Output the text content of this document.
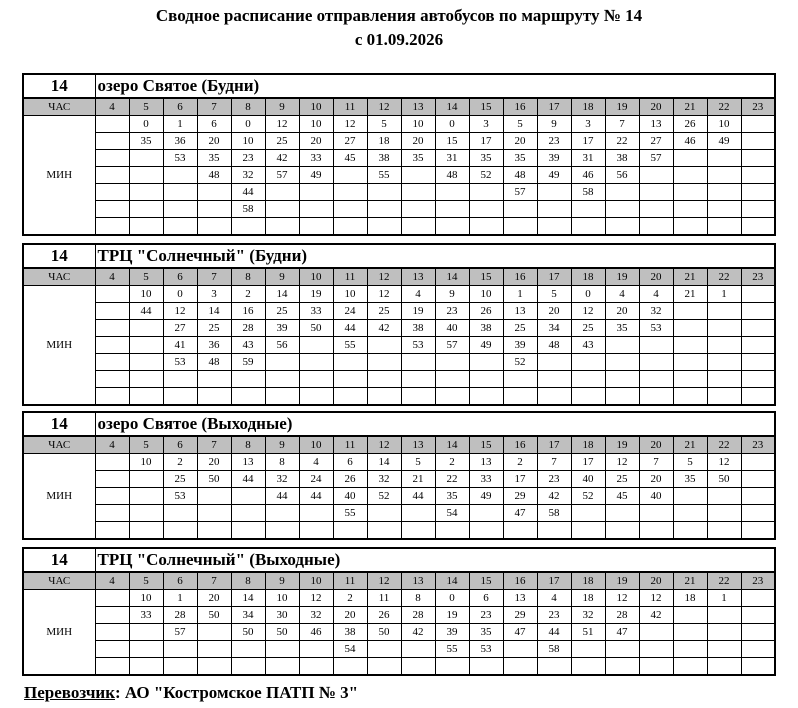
Сводное расписание отправления автобусов по маршруту № 14
с 01.09.2026
14	озеро Святое (Будни)																			
ЧАС	4	5	6	7	8	9	10	11	12	13	14	15	16	17	18	19	20	21	22	23
МИН		0	1	6	0	12	10	12	5	10	0	3	5	9	3	7	13	26	10	
		35	36	20	10	25	20	27	18	20	15	17	20	23	17	22	27	46	49	
			53	35	23	42	33	45	38	35	31	35	35	39	31	38	57			
				48	32	57	49		55		48	52	48	49	46	56				
					44								57		58					
					58															

14	ТРЦ "Солнечный" (Будни)																			
ЧАС	4	5	6	7	8	9	10	11	12	13	14	15	16	17	18	19	20	21	22	23
МИН		10	0	3	2	14	19	10	12	4	9	10	1	5	0	4	4	21	1	
		44	12	14	16	25	33	24	25	19	23	26	13	20	12	20	32			
			27	25	28	39	50	44	42	38	40	38	25	34	25	35	53			
			41	36	43	56		55		53	57	49	39	48	43					
			53	48	59								52							

14	озеро Святое (Выходные)																			
ЧАС	4	5	6	7	8	9	10	11	12	13	14	15	16	17	18	19	20	21	22	23
МИН		10	2	20	13	8	4	6	14	5	2	13	2	7	17	12	7	5	12	
			25	50	44	32	24	26	32	21	22	33	17	23	40	25	20	35	50	
			53			44	44	40	52	44	35	49	29	42	52	45	40			
								55			54		47	58						

14	ТРЦ "Солнечный" (Выходные)																			
ЧАС	4	5	6	7	8	9	10	11	12	13	14	15	16	17	18	19	20	21	22	23
МИН		10	1	20	14	10	12	2	11	8	0	6	13	4	18	12	12	18	1	
		33	28	50	34	30	32	20	26	28	19	23	29	23	32	28	42			
			57		50	50	46	38	50	42	39	35	47	44	51	47				
								54			55	53		58						

Перевозчик: АО "Костромское ПАТП № 3"
